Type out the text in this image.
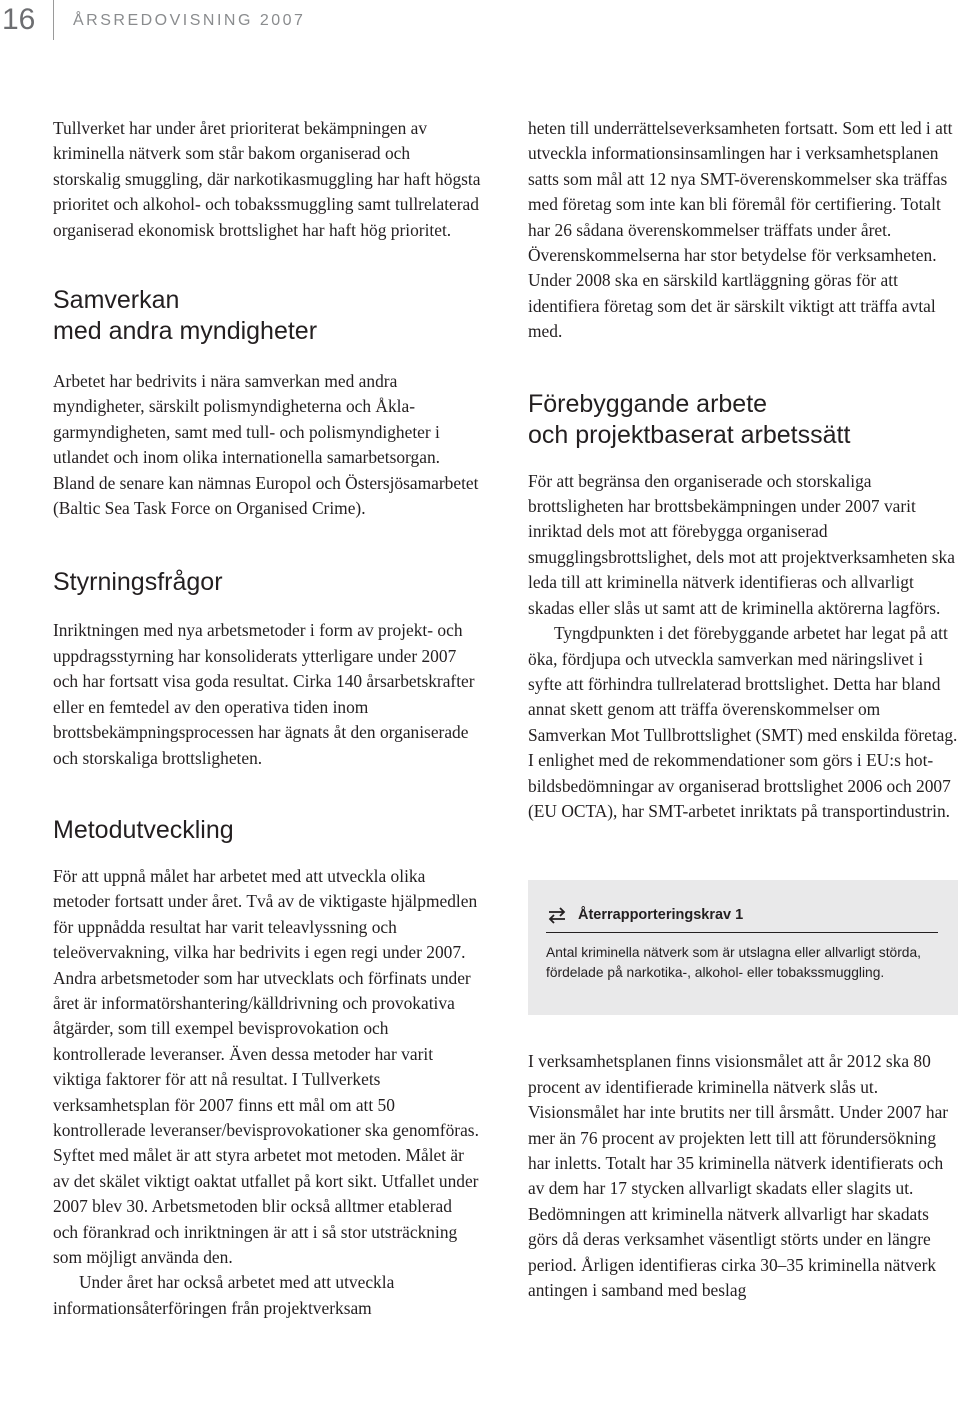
16 ÅRSREDOVISNING 2007

Tullverket har under året prioriterat bekämpningen av kriminella nätverk som står bakom organiserad och storskalig smuggling, där narkotikasmuggling har haft högsta prioritet och alkohol- och tobakssmuggling samt tullrelaterad organiserad ekonomisk brottslighet har haft hög prioritet.

Samverkan
med andra myndigheter

Arbetet har bedrivits i nära samverkan med andra myndigheter, särskilt polismyndigheterna och Åklagarmyndigheten, samt med tull- och polismyndigheter i utlandet och inom olika internationella samarbetsorgan. Bland de senare kan nämnas Europol och Östersjösamarbetet (Baltic Sea Task Force on Organised Crime).

Styrningsfrågor

Inriktningen med nya arbetsmetoder i form av projekt- och uppdragsstyrning har konsoliderats ytterligare under 2007 och har fortsatt visa goda resultat. Cirka 140 årsarbetskrafter eller en femtedel av den operativa tiden inom brottsbekämpningsprocessen har ägnats åt den organiserade och storskaliga brottsligheten.

Metodutveckling

För att uppnå målet har arbetet med att utveckla olika metoder fortsatt under året. Två av de viktigaste hjälpmedlen för uppnådda resultat har varit teleavlyssning och teleövervakning, vilka har bedrivits i egen regi under 2007. Andra arbetsmetoder som har utvecklats och förfinats under året är informatörshantering/källdrivning och provokativa åtgärder, som till exempel bevisprovokation och kontrollerade leveranser. Även dessa metoder har varit viktiga faktorer för att nå resultat. I Tullverkets verksamhetsplan för 2007 finns ett mål om att 50 kontrollerade leveranser/bevisprovokationer ska genomföras. Syftet med målet är att styra arbetet mot metoden. Målet är av det skälet viktigt oaktat utfallet på kort sikt. Utfallet under 2007 blev 30. Arbetsmetoden blir också alltmer etablerad och förankrad och inriktningen är att i så stor utsträckning som möjligt använda den.

Under året har också arbetet med att utveckla informationsåterföringen från projektverksam

heten till underrättelseverksamheten fortsatt. Som ett led i att utveckla informationsinsamlingen har i verksamhetsplanen satts som mål att 12 nya SMT-överenskommelser ska träffas med företag som inte kan bli föremål för certifiering. Totalt har 26 sådana överenskommelser träffats under året. Överenskommelserna har stor betydelse för verksamheten. Under 2008 ska en särskild kartläggning göras för att identifiera företag som det är särskilt viktigt att träffa avtal med.

Förebyggande arbete
och projektbaserat arbetssätt

För att begränsa den organiserade och storskaliga brottsligheten har brottsbekämpningen under 2007 varit inriktad dels mot att förebygga organiserad smugglingsbrottslighet, dels mot att projektverksamheten ska leda till att kriminella nätverk identifieras och allvarligt skadas eller slås ut samt att de kriminella aktörerna lagförs.

Tyngdpunkten i det förebyggande arbetet har legat på att öka, fördjupa och utveckla samverkan med näringslivet i syfte att förhindra tullrelaterad brottslighet. Detta har bland annat skett genom att träffa överenskommelser om Samverkan Mot Tullbrottslighet (SMT) med enskilda företag. I enlighet med de rekommendationer som görs i EU:s hotbildsbedömningar av organiserad brottslighet 2006 och 2007 (EU OCTA), har SMT-arbetet inriktats på transportindustrin.

Återrapporteringskrav 1
Antal kriminella nätverk som är utslagna eller allvarligt störda, fördelade på narkotika-, alkohol- eller tobakssmuggling.

I verksamhetsplanen finns visionsmålet att år 2012 ska 80 procent av identifierade kriminella nätverk slås ut. Visionsmålet har inte brutits ner till årsmått. Under 2007 har mer än 76 procent av projekten lett till att förundersökning har inletts. Totalt har 35 kriminella nätverk identifierats och av dem har 17 stycken allvarligt skadats eller slagits ut. Bedömningen att kriminella nätverk allvarligt har skadats görs då deras verksamhet väsentligt störts under en längre period. Årligen identifieras cirka 30–35 kriminella nätverk antingen i samband med beslag
